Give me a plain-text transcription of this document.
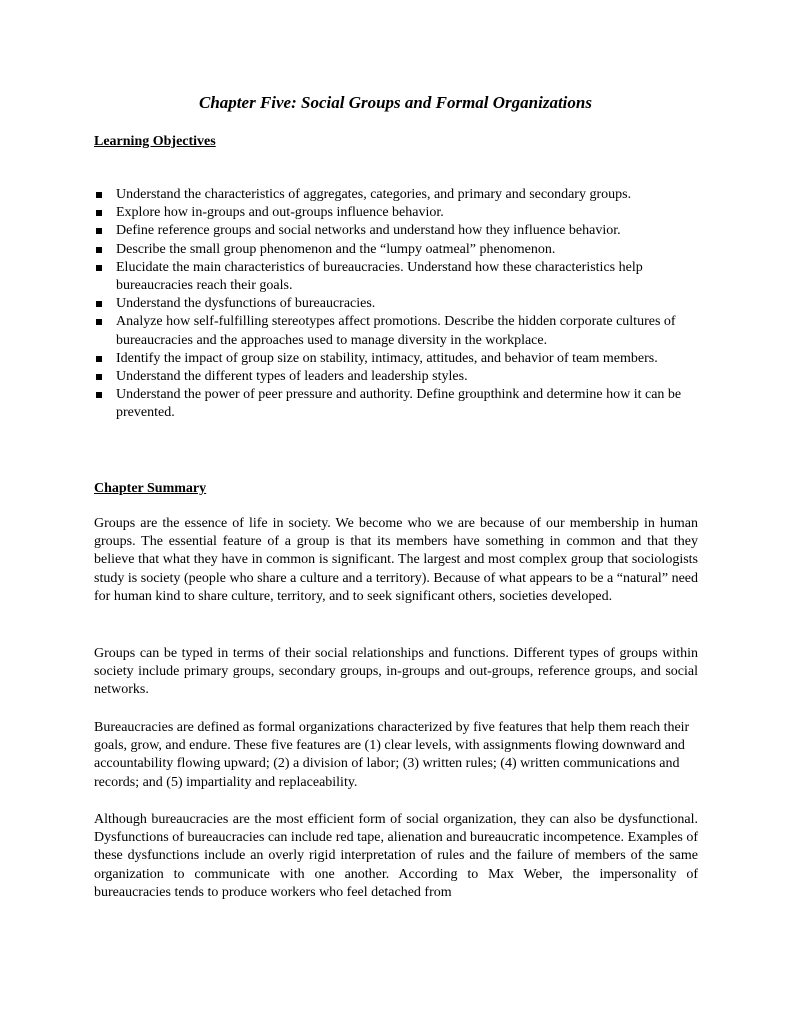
Chapter Five: Social Groups and Formal Organizations
Learning Objectives
Understand the characteristics of aggregates, categories, and primary and secondary groups.
Explore how in-groups and out-groups influence behavior.
Define reference groups and social networks and understand how they influence behavior.
Describe the small group phenomenon and the “lumpy oatmeal” phenomenon.
Elucidate the main characteristics of bureaucracies. Understand how these characteristics help bureaucracies reach their goals.
Understand the dysfunctions of bureaucracies.
Analyze how self-fulfilling stereotypes affect promotions. Describe the hidden corporate cultures of bureaucracies and the approaches used to manage diversity in the workplace.
Identify the impact of group size on stability, intimacy, attitudes, and behavior of team members.
Understand the different types of leaders and leadership styles.
Understand the power of peer pressure and authority. Define groupthink and determine how it can be prevented.
Chapter Summary

Groups are the essence of life in society. We become who we are because of our membership in human groups. The essential feature of a group is that its members have something in common and that they believe that what they have in common is significant. The largest and most complex group that sociologists study is society (people who share a culture and a territory). Because of what appears to be a “natural” need for human kind to share culture, territory, and to seek significant others, societies developed.

Groups can be typed in terms of their social relationships and functions. Different types of groups within society include primary groups, secondary groups, in-groups and out-groups, reference groups, and social networks.

Bureaucracies are defined as formal organizations characterized by five features that help them reach their goals, grow, and endure. These five features are (1) clear levels, with assignments flowing downward and accountability flowing upward; (2) a division of labor; (3) written rules; (4) written communications and records; and (5) impartiality and replaceability.

Although bureaucracies are the most efficient form of social organization, they can also be dysfunctional. Dysfunctions of bureaucracies can include red tape, alienation and bureaucratic incompetence. Examples of these dysfunctions include an overly rigid interpretation of rules and the failure of members of the same organization to communicate with one another. According to Max Weber, the impersonality of bureaucracies tends to produce workers who feel detached from
